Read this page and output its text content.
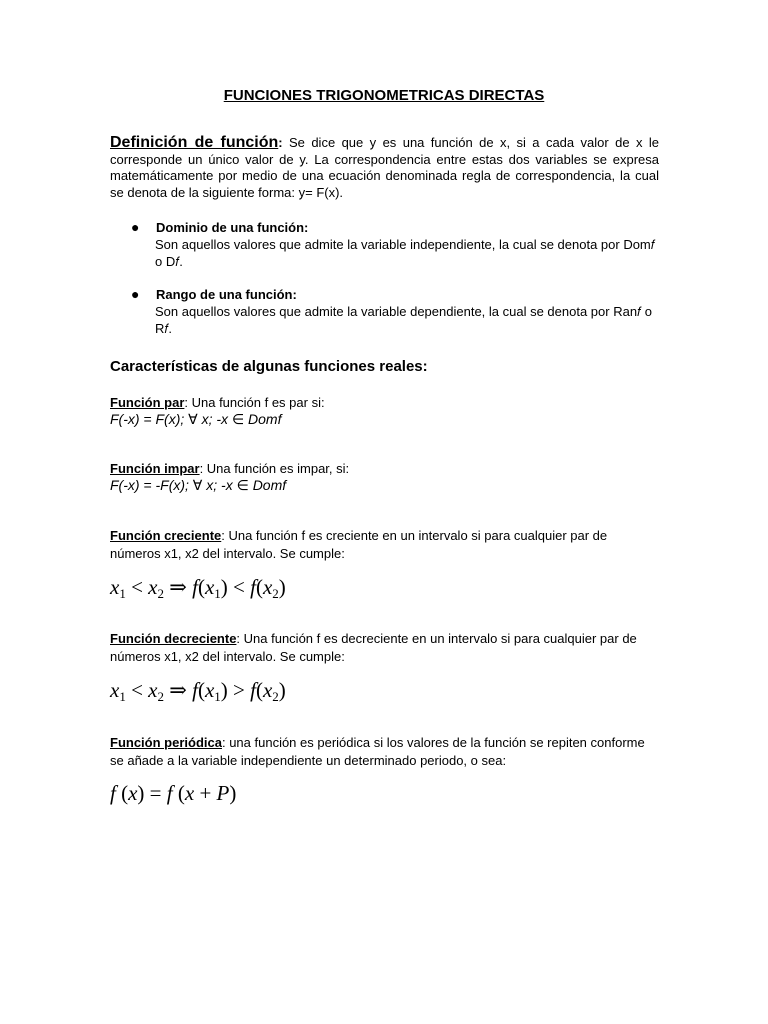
FUNCIONES TRIGONOMETRICAS DIRECTAS
Definición de función: Se dice que y es una función de x, si a cada valor de x le corresponde un único valor de y. La correspondencia entre estas dos variables se expresa matemáticamente por medio de una ecuación denominada regla de correspondencia, la cual se denota de la siguiente forma: y= F(x).
● Dominio de una función:
Son aquellos valores que admite la variable independiente, la cual se denota por Dom𝑓 o D𝑓.
● Rango de una función:
Son aquellos valores que admite la variable dependiente, la cual se denota por Ran𝑓 o R𝑓.
Características de algunas funciones reales:
Función par: Una función f es par si:
F(-x) = F(x); ∀ x; -x ∈ Domf
Función impar: Una función es impar, si:
F(-x) = -F(x); ∀ x; -x ∈ Domf
Función creciente: Una función f es creciente en un intervalo si para cualquier par de números x1, x2 del intervalo. Se cumple:
$x_1 < x_2$ ⇒ $f(x_1) < f(x_2)$
Función decreciente: Una función f es decreciente en un intervalo si para cualquier par de números x1, x2 del intervalo. Se cumple:
$x_1 < x_2$ ⇒ $f(x_1) > f(x_2)$
Función periódica: una función es periódica si los valores de la función se repiten conforme se añade a la variable independiente un determinado periodo, o sea:
f (x) = f (x + P)
